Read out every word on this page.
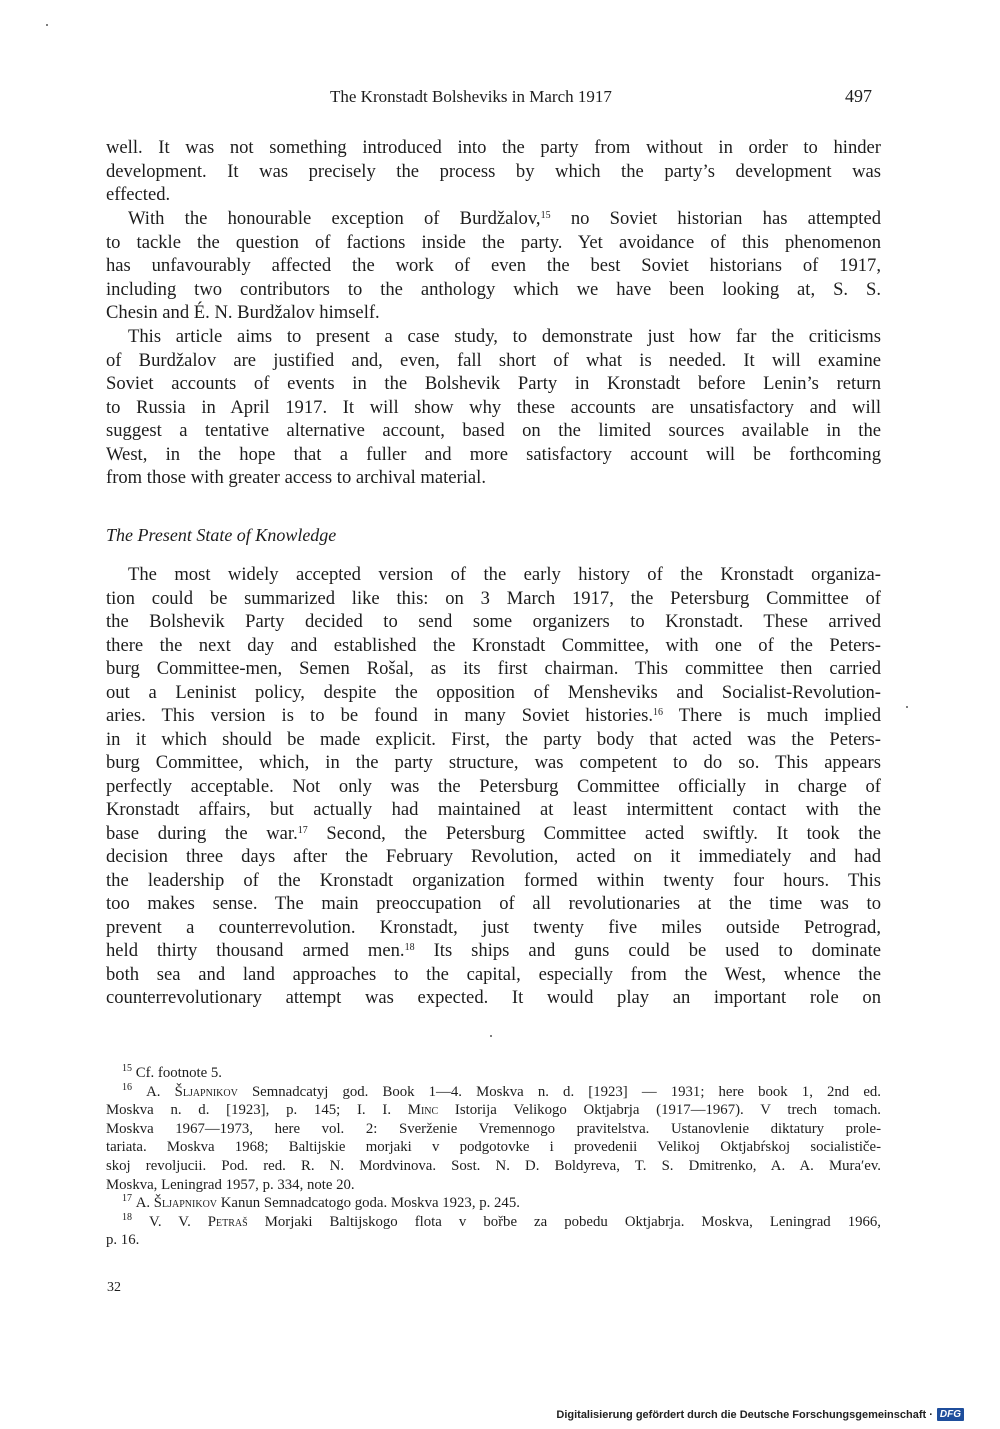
The Kronstadt Bolsheviks in March 1917	497
well. It was not something introduced into the party from without in order to hinder
development. It was precisely the process by which the party’s development was
effected.
With the honourable exception of Burdžalov,$^{15}$ no Soviet historian has attempted
to tackle the question of factions inside the party. Yet avoidance of this phenomenon
has unfavourably affected the work of even the best Soviet historians of 1917,
including two contributors to the anthology which we have been looking at, S. S.
Chesin and É. N. Burdžalov himself.
This article aims to present a case study, to demonstrate just how far the criticisms
of Burdžalov are justified and, even, fall short of what is needed. It will examine
Soviet accounts of events in the Bolshevik Party in Kronstadt before Lenin’s return
to Russia in April 1917. It will show why these accounts are unsatisfactory and will
suggest a tentative alternative account, based on the limited sources available in the
West, in the hope that a fuller and more satisfactory account will be forthcoming
from those with greater access to archival material.
The Present State of Knowledge
The most widely accepted version of the early history of the Kronstadt organiza-
tion could be summarized like this: on 3 March 1917, the Petersburg Committee of
the Bolshevik Party decided to send some organizers to Kronstadt. These arrived
there the next day and established the Kronstadt Committee, with one of the Peters-
burg Committee-men, Semen Rošal, as its first chairman. This committee then carried
out a Leninist policy, despite the opposition of Mensheviks and Socialist-Revolution-
aries. This version is to be found in many Soviet histories.$^{16}$ There is much implied
in it which should be made explicit. First, the party body that acted was the Peters-
burg Committee, which, in the party structure, was competent to do so. This appears
perfectly acceptable. Not only was the Petersburg Committee officially in charge of
Kronstadt affairs, but actually had maintained at least intermittent contact with the
base during the war.$^{17}$ Second, the Petersburg Committee acted swiftly. It took the
decision three days after the February Revolution, acted on it immediately and had
the leadership of the Kronstadt organization formed within twenty four hours. This
too makes sense. The main preoccupation of all revolutionaries at the time was to
prevent a counterrevolution. Kronstadt, just twenty five miles outside Petrograd,
held thirty thousand armed men.$^{18}$ Its ships and guns could be used to dominate
both sea and land approaches to the capital, especially from the West, whence the
counterrevolutionary attempt was expected. It would play an important role on
$^{15}$ Cf. footnote 5.
$^{16}$ A. Šljapnikov Semnadcatyj god. Book 1—4. Moskva n. d. [1923] — 1931; here book 1, 2nd ed.
Moskva n. d. [1923], p. 145; I. I. Minc Istorija Velikogo Oktjabrja (1917—1967). V trech tomach.
Moskva 1967—1973, here vol. 2: Sverženie Vremennogo pravitelstva. Ustanovlenie diktatury prole-
tariata. Moskva 1968; Baltijskie morjaki v podgotovke i provedenii Velikoj Oktjabŕskoj socialističe-
skoj revoljucii. Pod. red. R. N. Mordvinova. Sost. N. D. Boldyreva, T. S. Dmitrenko, A. A. Muraʹev.
Moskva, Leningrad 1957, p. 334, note 20.
$^{17}$ A. Šljapnikov Kanun Semnadcatogo goda. Moskva 1923, p. 245.
$^{18}$ V. V. Petraš Morjaki Baltijskogo flota v bořbe za pobedu Oktjabrja. Moskva, Leningrad 1966,
p. 16.
32
Digitalisierung gefördert durch die Deutsche Forschungsgemeinschaft · DFG
